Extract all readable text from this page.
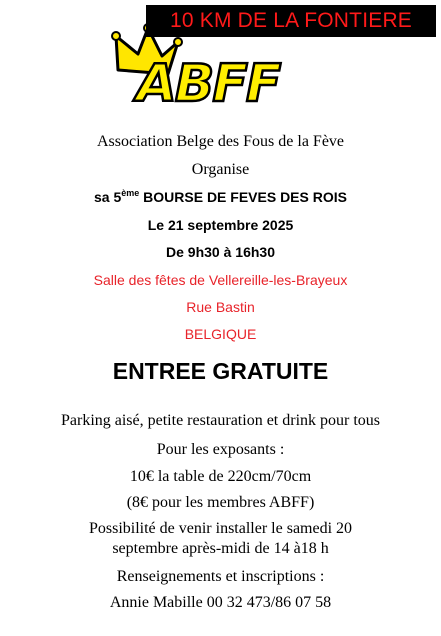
ABFF
10 KM DE LA FONTIERE
Association Belge des Fous de la Fève
Organise
sa 5ème BOURSE DE FEVES DES ROIS
Le 21 septembre 2025
De 9h30 à 16h30
Salle des fêtes de Vellereille-les-Brayeux
Rue Bastin
BELGIQUE
ENTREE GRATUITE
Parking aisé, petite restauration et drink pour tous
Pour les exposants :
10€ la table de 220cm/70cm
(8€ pour les membres ABFF)
Possibilité de venir installer le samedi 20
septembre après-midi de 14 à18 h
Renseignements et inscriptions :
Annie Mabille 00 32 473/86 07 58
